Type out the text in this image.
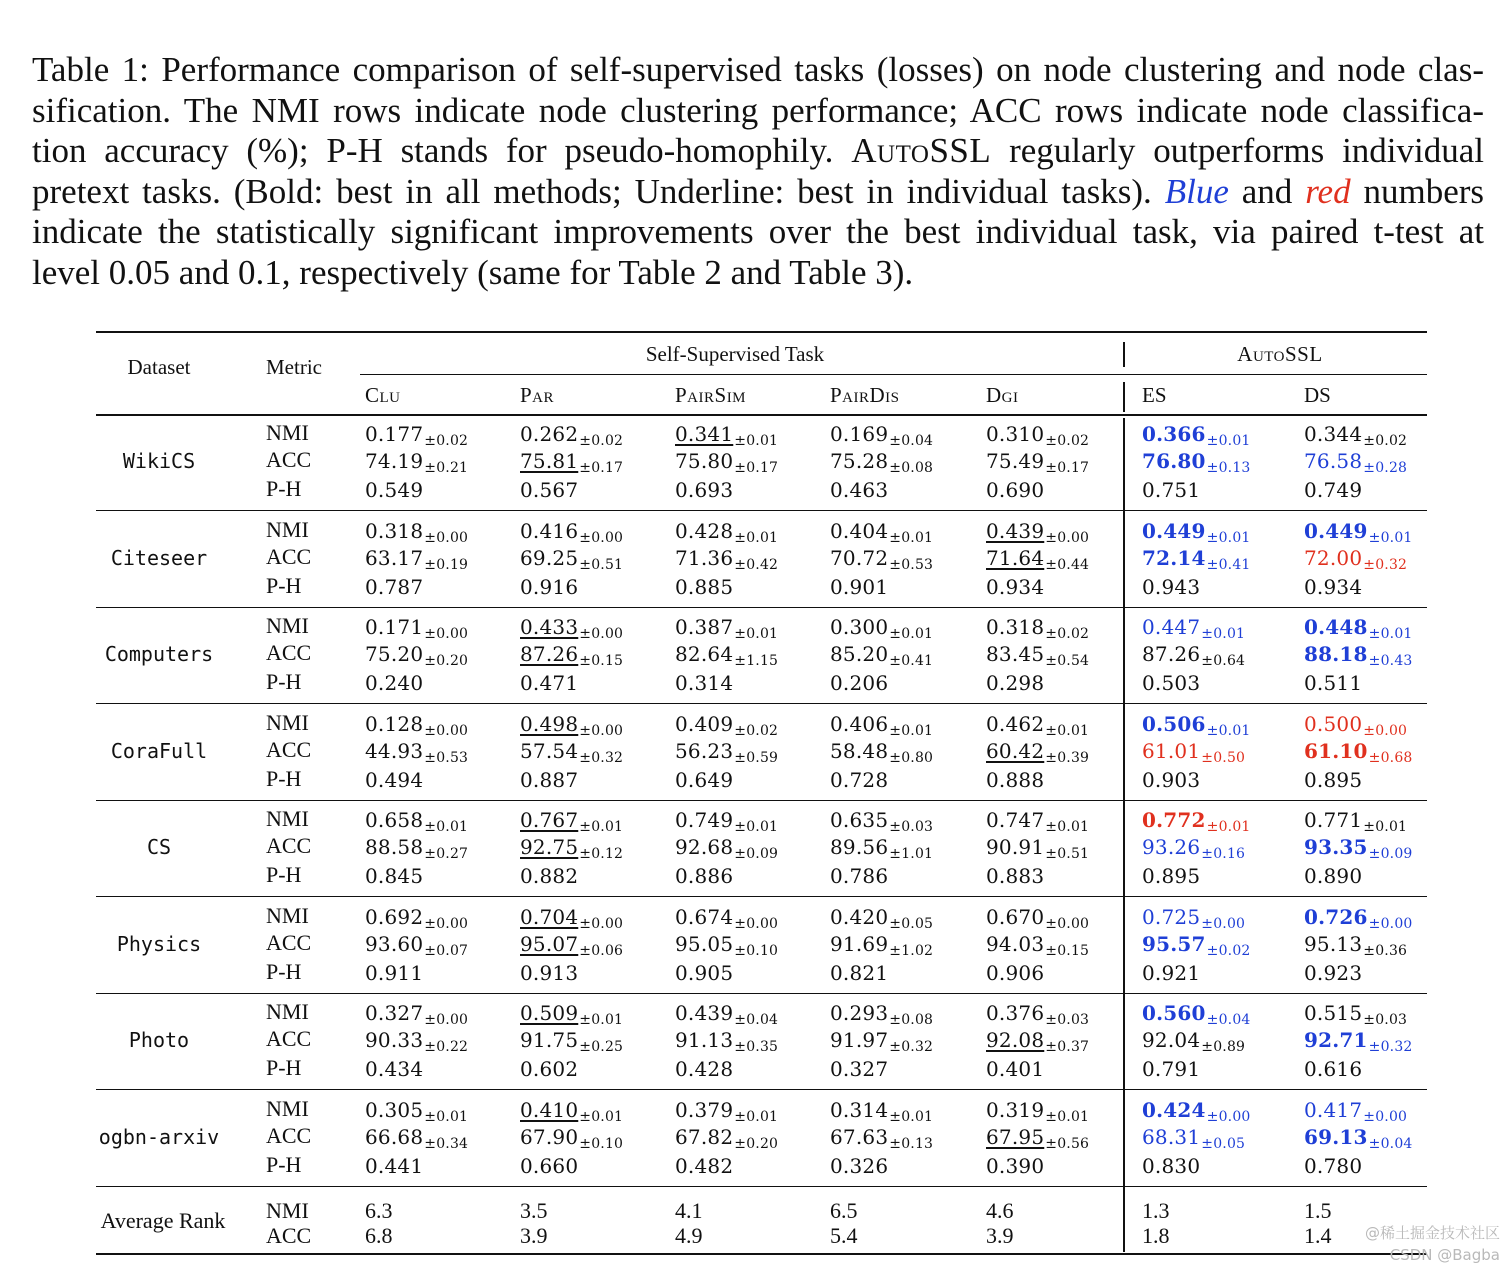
Table 1: Performance comparison of self-supervised tasks (losses) on node clustering and node clas-
sification. The NMI rows indicate node clustering performance; ACC rows indicate node classifica-
tion accuracy (%); P-H stands for pseudo-homophily. AutoSSL regularly outperforms individual
pretext tasks. (Bold: best in all methods; Underline: best in individual tasks). Blue and red numbers
indicate the statistically significant improvements over the best individual task, via paired t-test at
level 0.05 and 0.1, respectively (same for Table 2 and Table 3).
Dataset	Metric
Self-Supervised Task	AutoSSL
Clu	Par	PairSim	PairDis	Dgi	ES	DS
WikiCS
NMI	$0.177_{\pm 0.02}$	$0.262_{\pm 0.02}$	$0.341_{\pm 0.01}$	$0.169_{\pm 0.04}$	$0.310_{\pm 0.02}$	$0.366_{\pm 0.01}$	$0.344_{\pm 0.02}$
ACC	$74.19_{\pm 0.21}$	$75.81_{\pm 0.17}$	$75.80_{\pm 0.17}$	$75.28_{\pm 0.08}$	$75.49_{\pm 0.17}$	$76.80_{\pm 0.13}$	$76.58_{\pm 0.28}$
P-H	0.549	0.567	0.693	0.463	0.690	0.751	0.749
Citeseer
NMI	$0.318_{\pm 0.00}$	$0.416_{\pm 0.00}$	$0.428_{\pm 0.01}$	$0.404_{\pm 0.01}$	$0.439_{\pm 0.00}$	$0.449_{\pm 0.01}$	$0.449_{\pm 0.01}$
ACC	$63.17_{\pm 0.19}$	$69.25_{\pm 0.51}$	$71.36_{\pm 0.42}$	$70.72_{\pm 0.53}$	$71.64_{\pm 0.44}$	$72.14_{\pm 0.41}$	$72.00_{\pm 0.32}$
P-H	0.787	0.916	0.885	0.901	0.934	0.943	0.934
Computers
NMI	$0.171_{\pm 0.00}$	$0.433_{\pm 0.00}$	$0.387_{\pm 0.01}$	$0.300_{\pm 0.01}$	$0.318_{\pm 0.02}$	$0.447_{\pm 0.01}$	$0.448_{\pm 0.01}$
ACC	$75.20_{\pm 0.20}$	$87.26_{\pm 0.15}$	$82.64_{\pm 1.15}$	$85.20_{\pm 0.41}$	$83.45_{\pm 0.54}$	$87.26_{\pm 0.64}$	$88.18_{\pm 0.43}$
P-H	0.240	0.471	0.314	0.206	0.298	0.503	0.511
CoraFull
NMI	$0.128_{\pm 0.00}$	$0.498_{\pm 0.00}$	$0.409_{\pm 0.02}$	$0.406_{\pm 0.01}$	$0.462_{\pm 0.01}$	$0.506_{\pm 0.01}$	$0.500_{\pm 0.00}$
ACC	$44.93_{\pm 0.53}$	$57.54_{\pm 0.32}$	$56.23_{\pm 0.59}$	$58.48_{\pm 0.80}$	$60.42_{\pm 0.39}$	$61.01_{\pm 0.50}$	$61.10_{\pm 0.68}$
P-H	0.494	0.887	0.649	0.728	0.888	0.903	0.895
CS
NMI	$0.658_{\pm 0.01}$	$0.767_{\pm 0.01}$	$0.749_{\pm 0.01}$	$0.635_{\pm 0.03}$	$0.747_{\pm 0.01}$	$0.772_{\pm 0.01}$	$0.771_{\pm 0.01}$
ACC	$88.58_{\pm 0.27}$	$92.75_{\pm 0.12}$	$92.68_{\pm 0.09}$	$89.56_{\pm 1.01}$	$90.91_{\pm 0.51}$	$93.26_{\pm 0.16}$	$93.35_{\pm 0.09}$
P-H	0.845	0.882	0.886	0.786	0.883	0.895	0.890
Physics
NMI	$0.692_{\pm 0.00}$	$0.704_{\pm 0.00}$	$0.674_{\pm 0.00}$	$0.420_{\pm 0.05}$	$0.670_{\pm 0.00}$	$0.725_{\pm 0.00}$	$0.726_{\pm 0.00}$
ACC	$93.60_{\pm 0.07}$	$95.07_{\pm 0.06}$	$95.05_{\pm 0.10}$	$91.69_{\pm 1.02}$	$94.03_{\pm 0.15}$	$95.57_{\pm 0.02}$	$95.13_{\pm 0.36}$
P-H	0.911	0.913	0.905	0.821	0.906	0.921	0.923
Photo
NMI	$0.327_{\pm 0.00}$	$0.509_{\pm 0.01}$	$0.439_{\pm 0.04}$	$0.293_{\pm 0.08}$	$0.376_{\pm 0.03}$	$0.560_{\pm 0.04}$	$0.515_{\pm 0.03}$
ACC	$90.33_{\pm 0.22}$	$91.75_{\pm 0.25}$	$91.13_{\pm 0.35}$	$91.97_{\pm 0.32}$	$92.08_{\pm 0.37}$	$92.04_{\pm 0.89}$	$92.71_{\pm 0.32}$
P-H	0.434	0.602	0.428	0.327	0.401	0.791	0.616
ogbn-arxiv
NMI	$0.305_{\pm 0.01}$	$0.410_{\pm 0.01}$	$0.379_{\pm 0.01}$	$0.314_{\pm 0.01}$	$0.319_{\pm 0.01}$	$0.424_{\pm 0.00}$	$0.417_{\pm 0.00}$
ACC	$66.68_{\pm 0.34}$	$67.90_{\pm 0.10}$	$67.82_{\pm 0.20}$	$67.63_{\pm 0.13}$	$67.95_{\pm 0.56}$	$68.31_{\pm 0.05}$	$69.13_{\pm 0.04}$
P-H	0.441	0.660	0.482	0.326	0.390	0.830	0.780
Average Rank NMI	6.3	3.5	4.1	6.5	4.6	1.3	1.5
ACC 6.8	3.9	4.9	5.4	3.9	1.8	1.4 @稀土掘金技术社区
CSDN @Bagba
